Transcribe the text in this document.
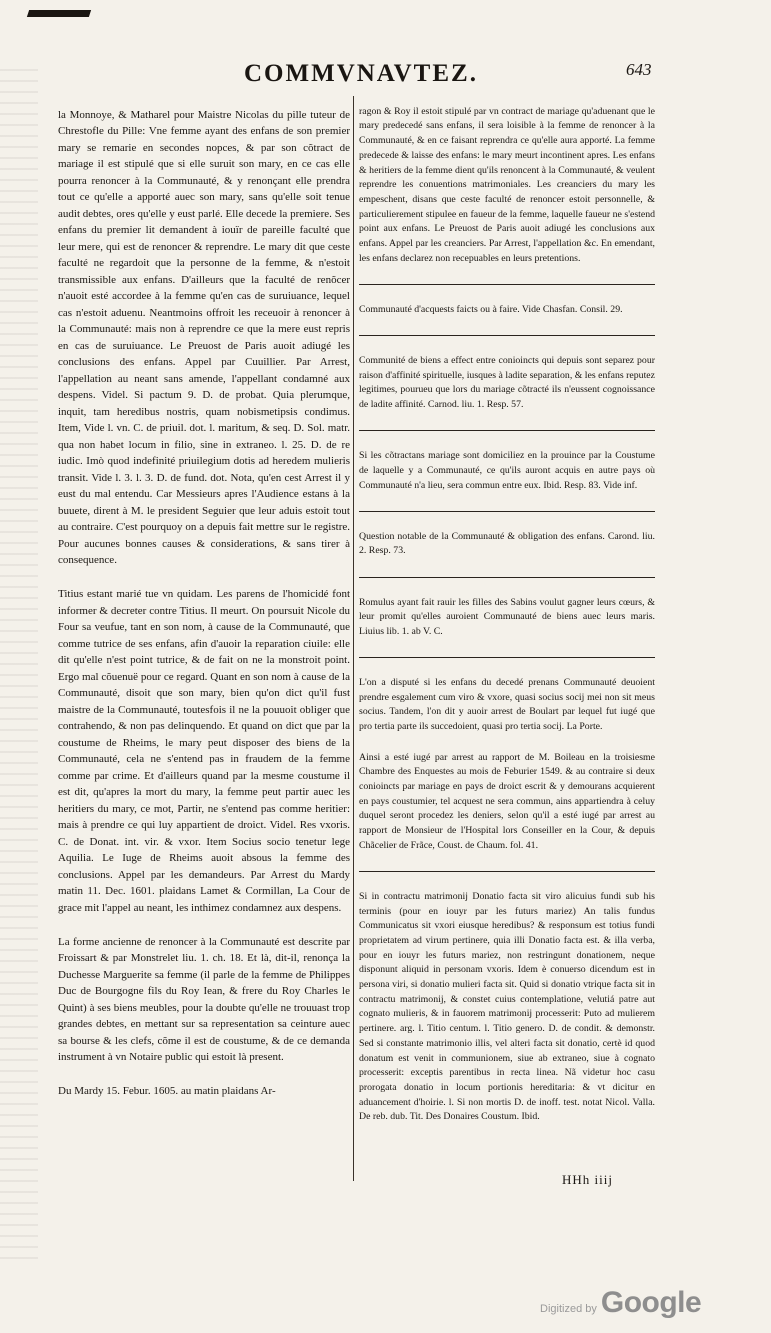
COMMVNAVTEZ.	643

la Monnoye, & Matharel pour Maistre Nicolas du pille tuteur de Chrestofle du Pille: Vne femme ayant des enfans de son premier mary se remarie en secondes nopces, & par son cõtract de mariage il est stipulé que si elle suruit son mary, en ce cas elle pourra renoncer à la Communauté, & y renonçant elle prendra tout ce qu'elle a apporté auec son mary, sans qu'elle soit tenue audit debtes, ores qu'elle y eust parlé. Elle decede la premiere. Ses enfans du premier lit demandent à iouïr de pareille faculté que leur mere, qui est de renoncer & reprendre. Le mary dit que ceste faculté ne regardoit que la personne de la femme, & n'estoit transmissible aux enfans. D'ailleurs que la faculté de renõcer n'auoit esté accordee à la femme qu'en cas de suruiuance, lequel cas n'estoit aduenu. Neantmoins offroit les receuoir à renoncer à la Communauté: mais non à reprendre ce que la mere eust repris en cas de suruiuance. Le Preuost de Paris auoit adiugé les conclusions des enfans. Appel par Cuuillier. Par Arrest, l'appellation au neant sans amende, l'appellant condamné aux despens. Videl. Si pactum 9. D. de probat. Quia plerumque, inquit, tam heredibus nostris, quam nobismetipsis condimus. Item, Vide l. vn. C. de priuil. dot. l. maritum, & seq. D. Sol. matr. qua non habet locum in filio, sine in extraneo. l. 25. D. de re iudic. Imò quod indefinité priuilegium dotis ad heredem mulieris transit. Vide l. 3. l. 3. D. de fund. dot. Nota, qu'en cest Arrest il y eust du mal entendu. Car Messieurs apres l'Audience estans à la buuete, dirent à M. le president Seguier que leur aduis estoit tout au contraire. C'est pourquoy on a depuis fait mettre sur le registre. Pour aucunes bonnes causes & considerations, & sans tirer à consequence.

Titius estant marié tue vn quidam. Les parens de l'homicidé font informer & decreter contre Titius. Il meurt. On poursuit Nicole du Four sa veufue, tant en son nom, à cause de la Communauté, que comme tutrice de ses enfans, afin d'auoir la reparation ciuile: elle dit qu'elle n'est point tutrice, & de fait on ne la monstroit point. Ergo mal cõuenuë pour ce regard. Quant en son nom à cause de la Communauté, disoit que son mary, bien qu'on dict qu'il fust maistre de la Communauté, toutesfois il ne la pouuoit obliger que contrahendo, & non pas delinquendo. Et quand on dict que par la coustume de Rheims, le mary peut disposer des biens de la Communauté, cela ne s'entend pas in fraudem de la femme comme par crime. Et d'ailleurs quand par la mesme coustume il est dit, qu'apres la mort du mary, la femme peut partir auec les heritiers du mary, ce mot, Partir, ne s'entend pas comme heritier: mais à prendre ce qui luy appartient de droict. Videl. Res vxoris. C. de Donat. int. vir. & vxor. Item Socius socio tenetur lege Aquilia. Le Iuge de Rheims auoit absous la femme des conclusions. Appel par les demandeurs. Par Arrest du Mardy matin 11. Dec. 1601. plaidans Lamet & Cormillan, La Cour de grace mit l'appel au neant, les inthimez condamnez aux despens.

La forme ancienne de renoncer à la Communauté est descrite par Froissart & par Monstrelet liu. 1. ch. 18. Et là, dit-il, renonça la Duchesse Marguerite sa femme (il parle de la femme de Philippes Duc de Bourgogne fils du Roy Iean, & frere du Roy Charles le Quint) à ses biens meubles, pour la doubte qu'elle ne trouuast trop grandes debtes, en mettant sur sa representation sa ceinture auec sa bourse & les clefs, cõme il est de coustume, & de ce demanda instrument à vn Notaire public qui estoit là present.

Du Mardy 15. Febur. 1605. au matin plaidans Ar-

ragon & Roy il estoit stipulé par vn contract de mariage qu'aduenant que le mary predecedé sans enfans, il sera loisible à la femme de renoncer à la Communauté, & en ce faisant reprendra ce qu'elle aura apporté. La femme predecede & laisse des enfans: le mary meurt incontinent apres. Les enfans & heritiers de la femme dient qu'ils renoncent à la Communauté, & veulent reprendre les conuentions matrimoniales. Les creanciers du mary les empeschent, disans que ceste faculté de renoncer estoit personnelle, & particulierement stipulee en faueur de la femme, laquelle faueur ne s'estend point aux enfans. Le Preuost de Paris auoit adiugé les conclusions aux enfans. Appel par les creanciers. Par Arrest, l'appellation &c. En emendant, les enfans declarez non recepuables en leurs pretentions.

Communauté d'acquests faicts ou à faire. Vide Chasfan. Consil. 29.

Communité de biens a effect entre conioincts qui depuis sont separez pour raison d'affinité spirituelle, iusques à ladite separation, & les enfans reputez legitimes, pourueu que lors du mariage cõtracté ils n'eussent cognoissance de ladite affinité. Carnod. liu. 1. Resp. 57.

Si les cõtractans mariage sont domiciliez en la prouince par la Coustume de laquelle y a Communauté, ce qu'ils auront acquis en autre pays où Communauté n'a lieu, sera commun entre eux. Ibid. Resp. 83. Vide inf.

Question notable de la Communauté & obligation des enfans. Carond. liu. 2. Resp. 73.

Romulus ayant fait rauir les filles des Sabins voulut gagner leurs cœurs, & leur promit qu'elles auroient Communauté de biens auec leurs maris. Liuius lib. 1. ab V. C.

L'on a disputé si les enfans du decedé prenans Communauté deuoient prendre esgalement cum viro & vxore, quasi socius socij mei non sit meus socius. Tandem, l'on dit y auoir arrest de Boulart par lequel fut iugé que pro tertia parte ils succedoient, quasi pro tertia socij. La Porte.

Ainsi a esté iugé par arrest au rapport de M. Boileau en la troisiesme Chambre des Enquestes au mois de Feburier 1549. & au contraire si deux conioincts par mariage en pays de droict escrit & y demourans acquierent en pays coustumier, tel acquest ne sera commun, ains appartiendra à celuy duquel seront procedez les deniers, selon qu'il a esté iugé par arrest au rapport de Monsieur de l'Hospital lors Conseiller en la Cour, & depuis Chãcelier de Frãce, Coust. de Chaum. fol. 41.

Si in contractu matrimonij Donatio facta sit viro alicuius fundi sub his terminis (pour en iouyr par les futurs mariez) An talis fundus Communicatus sit vxori eiusque heredibus? & responsum est totius fundi proprietatem ad virum pertinere, quia illi Donatio facta est. & illa verba, pour en iouyr les futurs mariez, non restringunt donationem, neque disponunt aliquid in personam vxoris. Idem è conuerso dicendum est in persona viri, si donatio mulieri facta sit. Quid si donatio vtrique facta sit in contractu matrimonij, & constet cuius contemplatione, velutiá patre aut cognato mulieris, & in fauorem matrimonij processerit: Puto ad mulierem pertinere. arg. l. Titio centum. l. Titio genero. D. de condit. & demonstr. Sed si constante matrimonio illis, vel alteri facta sit donatio, certè id quod donatum est venit in communionem, siue ab extraneo, siue à cognato processerit: exceptis parentibus in recta linea. Nã videtur hoc casu prorogata donatio in locum portionis hereditaria: & vt dicitur en aduancement d'hoirie. l. Si non mortis D. de inoff. test. notat Nicol. Valla. De reb. dub. Tit. Des Donaires Coustum. Ibid.

HHh iiij
Digitized by Google
